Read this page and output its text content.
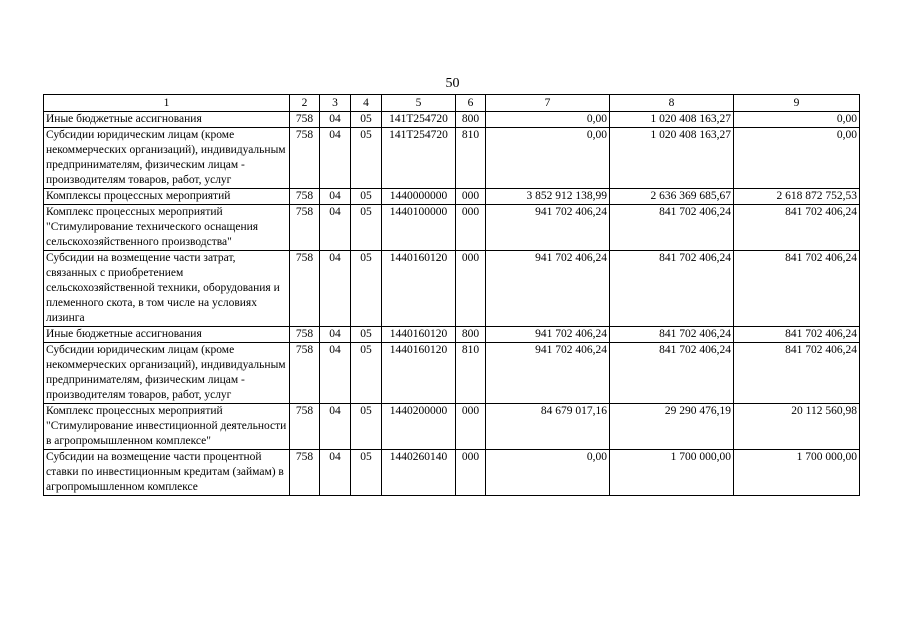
50
1	2	3	4	5	6	7	8	9
Иные бюджетные ассигнования	758	04	05	141Т254720	800	0,00	1 020 408 163,27	0,00
Субсидии юридическим лицам (кроме некоммерческих организаций), индивидуальным предпринимателям, физическим лицам - производителям товаров, работ, услуг	758	04	05	141Т254720	810	0,00	1 020 408 163,27	0,00
Комплексы процессных мероприятий	758	04	05	1440000000	000	3 852 912 138,99	2 636 369 685,67	2 618 872 752,53
Комплекс процессных мероприятий "Стимулирование технического оснащения сельскохозяйственного производства"	758	04	05	1440100000	000	941 702 406,24	841 702 406,24	841 702 406,24
Субсидии на возмещение части затрат, связанных с приобретением сельскохозяйственной техники, оборудования и племенного скота, в том числе на условиях лизинга	758	04	05	1440160120	000	941 702 406,24	841 702 406,24	841 702 406,24
Иные бюджетные ассигнования	758	04	05	1440160120	800	941 702 406,24	841 702 406,24	841 702 406,24
Субсидии юридическим лицам (кроме некоммерческих организаций), индивидуальным предпринимателям, физическим лицам - производителям товаров, работ, услуг	758	04	05	1440160120	810	941 702 406,24	841 702 406,24	841 702 406,24
Комплекс процессных мероприятий "Стимулирование инвестиционной деятельности в агропромышленном комплексе"	758	04	05	1440200000	000	84 679 017,16	29 290 476,19	20 112 560,98
Субсидии на возмещение части процентной ставки по инвестиционным кредитам (займам) в агропромышленном комплексе	758	04	05	1440260140	000	0,00	1 700 000,00	1 700 000,00
